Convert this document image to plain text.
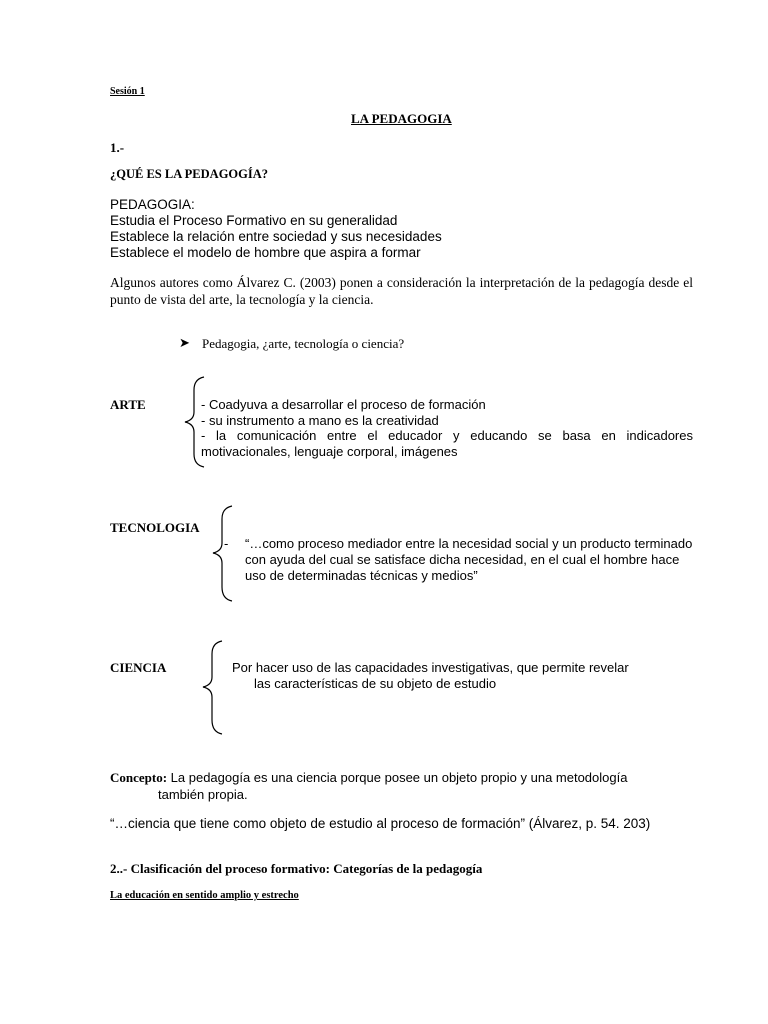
Sesión 1
LA PEDAGOGIA
1.-
¿QUÉ ES LA PEDAGOGÍA?
PEDAGOGIA:
Estudia el Proceso Formativo en su generalidad
Establece la relación entre sociedad y sus necesidades
Establece el modelo de hombre que aspira a formar
Algunos autores como Álvarez C. (2003) ponen a consideración la interpretación de la pedagogía desde el punto de vista del arte, la tecnología y la ciencia.
➤ Pedagogia, ¿arte, tecnología o ciencia?
ARTE	- Coadyuva a desarrollar el proceso de formación
- su instrumento a mano es la creatividad
- la comunicación entre el educador y educando se basa en indicadores motivacionales, lenguaje corporal, imágenes
TECNOLOGIA
- “…como proceso mediador entre la necesidad social y un producto terminado con ayuda del cual se satisface dicha necesidad, en el cual el hombre hace uso de determinadas técnicas y medios”
CIENCIA	Por hacer uso de las capacidades investigativas, que permite revelar
las características de su objeto de estudio
Concepto: La pedagogía es una ciencia porque posee un objeto propio y una metodología
también propia.
“…ciencia que tiene como objeto de estudio al proceso de formación” (Álvarez, p. 54. 203)
2..- Clasificación del proceso formativo: Categorías de la pedagogía
La educación en sentido amplio y estrecho
